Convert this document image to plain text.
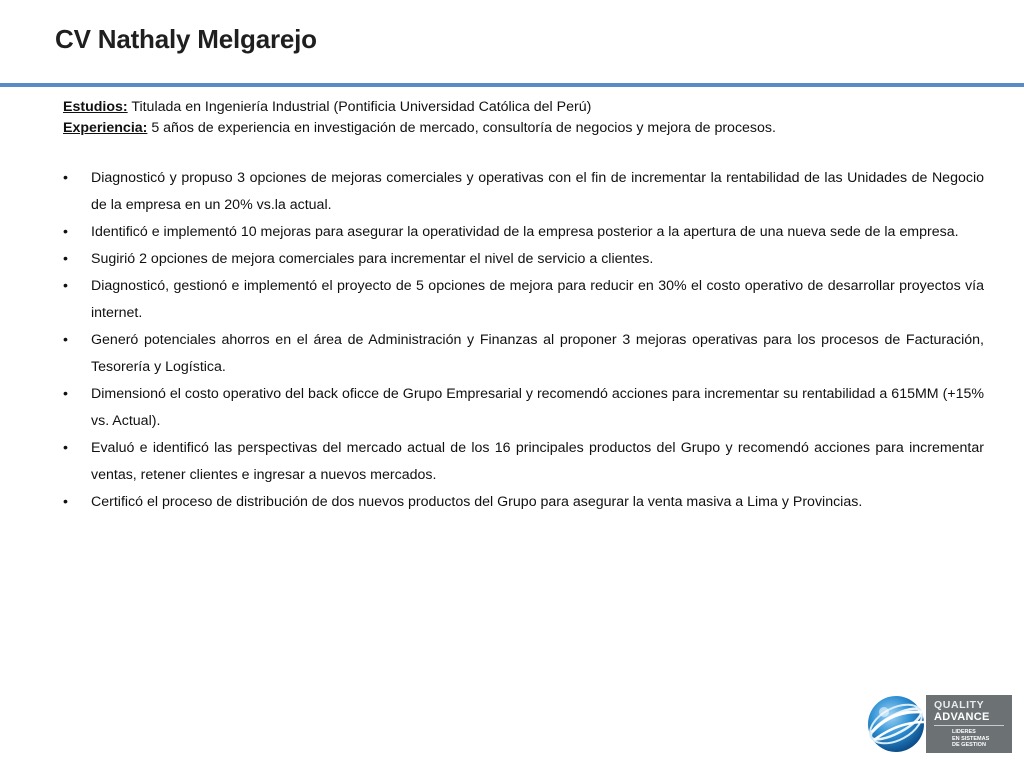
CV Nathaly Melgarejo
Estudios: Titulada en Ingeniería Industrial (Pontificia Universidad Católica del Perú)
Experiencia: 5 años de experiencia en investigación de mercado, consultoría de negocios y mejora de procesos.
•	Diagnosticó y propuso 3 opciones de mejoras comerciales y operativas con el fin de incrementar la rentabilidad de las Unidades de Negocio de la empresa en un 20% vs.la actual.
•	Identificó e implementó 10 mejoras para asegurar la operatividad de la empresa posterior a la apertura de una nueva sede de la empresa.
•	Sugirió 2 opciones de mejora comerciales para incrementar el nivel de servicio a clientes.
•	Diagnosticó, gestionó e implementó el proyecto de 5 opciones de mejora para reducir en 30% el costo operativo de desarrollar proyectos vía internet.
•	Generó potenciales ahorros en el área de Administración y Finanzas al proponer 3 mejoras operativas para los procesos de Facturación, Tesorería y Logística.
•	Dimensionó el costo operativo del back oficce de Grupo Empresarial y recomendó acciones para incrementar su rentabilidad a 615MM (+15% vs. Actual).
•	Evaluó e identificó las perspectivas del mercado actual de los 16 principales productos del Grupo y recomendó acciones para incrementar ventas, retener clientes e ingresar a nuevos mercados.
•	Certificó el proceso de distribución de dos nuevos productos del Grupo para asegurar la venta masiva a Lima y Provincias.
QUALITY
ADVANCE
LIDERES
EN SISTEMAS
DE GESTION
